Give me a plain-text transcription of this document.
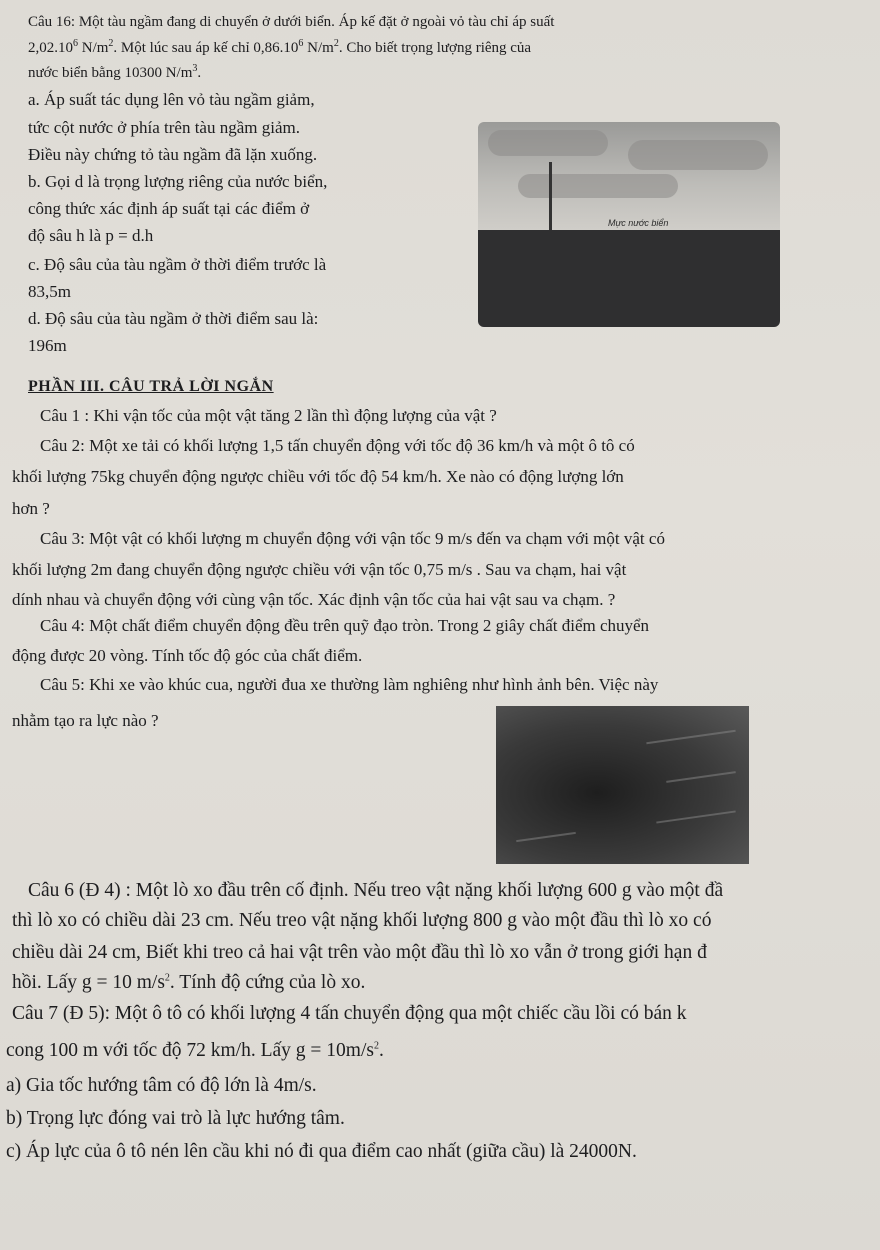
Câu 16: Một tàu ngầm đang di chuyển ở dưới biển. Áp kế đặt ở ngoài vỏ tàu chỉ áp suất
2,02.10$^6$ $N/m^2$. Một lúc sau áp kế chỉ 0,86.10$^6$ $N/m^2$. Cho biết trọng lượng riêng của
nước biển bằng 10300 $N/m^3$.
a. Áp suất tác dụng lên vỏ tàu ngầm giảm,
tức cột nước ở phía trên tàu ngầm giảm.
Điều này chứng tỏ tàu ngầm đã lặn xuống.
b. Gọi d là trọng lượng riêng của nước biển,
công thức xác định áp suất tại các điểm ở
độ sâu h là p = d.h
c. Độ sâu của tàu ngầm ở thời điểm trước là
83,5m
d. Độ sâu của tàu ngầm ở thời điểm sau là:
196m
Mực nước biển
PHẦN III. CÂU TRẢ LỜI NGẮN
Câu 1 : Khi vận tốc của một vật tăng 2 lần thì động lượng của vật ?
Câu 2: Một xe tải có khối lượng 1,5 tấn chuyển động với tốc độ 36 km/h và một ô tô có
khối lượng 75kg chuyển động ngược chiều với tốc độ 54 km/h. Xe nào có động lượng lớn
hơn ?
Câu 3: Một vật có khối lượng m chuyển động với vận tốc 9 m/s đến va chạm với một vật có
khối lượng 2m đang chuyển động ngược chiều với vận tốc 0,75 m/s . Sau va chạm, hai vật
dính nhau và chuyển động với cùng vận tốc. Xác định vận tốc của hai vật sau va chạm. ?
Câu 4: Một chất điểm chuyển động đều trên quỹ đạo tròn. Trong 2 giây chất điểm chuyển
động được 20 vòng. Tính tốc độ góc của chất điểm.
Câu 5: Khi xe vào khúc cua, người đua xe thường làm nghiêng như hình ảnh bên. Việc này
nhằm tạo ra lực nào ?
Câu 6 (Đ 4) : Một lò xo đầu trên cố định. Nếu treo vật nặng khối lượng 600 g vào một đầ
thì lò xo có chiều dài 23 cm. Nếu treo vật nặng khối lượng 800 g vào một đầu thì lò xo có
chiều dài 24 cm, Biết khi treo cả hai vật trên vào một đầu thì lò xo vẫn ở trong giới hạn đ
hồi. Lấy g = 10 $m/s^2$. Tính độ cứng của lò xo.
Câu 7 (Đ 5): Một ô tô có khối lượng 4 tấn chuyển động qua một chiếc cầu lồi có bán k
cong 100 m với tốc độ 72 km/h. Lấy $g = 10m/s^2$.
a) Gia tốc hướng tâm có độ lớn là 4m/s.
b) Trọng lực đóng vai trò là lực hướng tâm.
c) Áp lực của ô tô nén lên cầu khi nó đi qua điểm cao nhất (giữa cầu) là 24000N.
